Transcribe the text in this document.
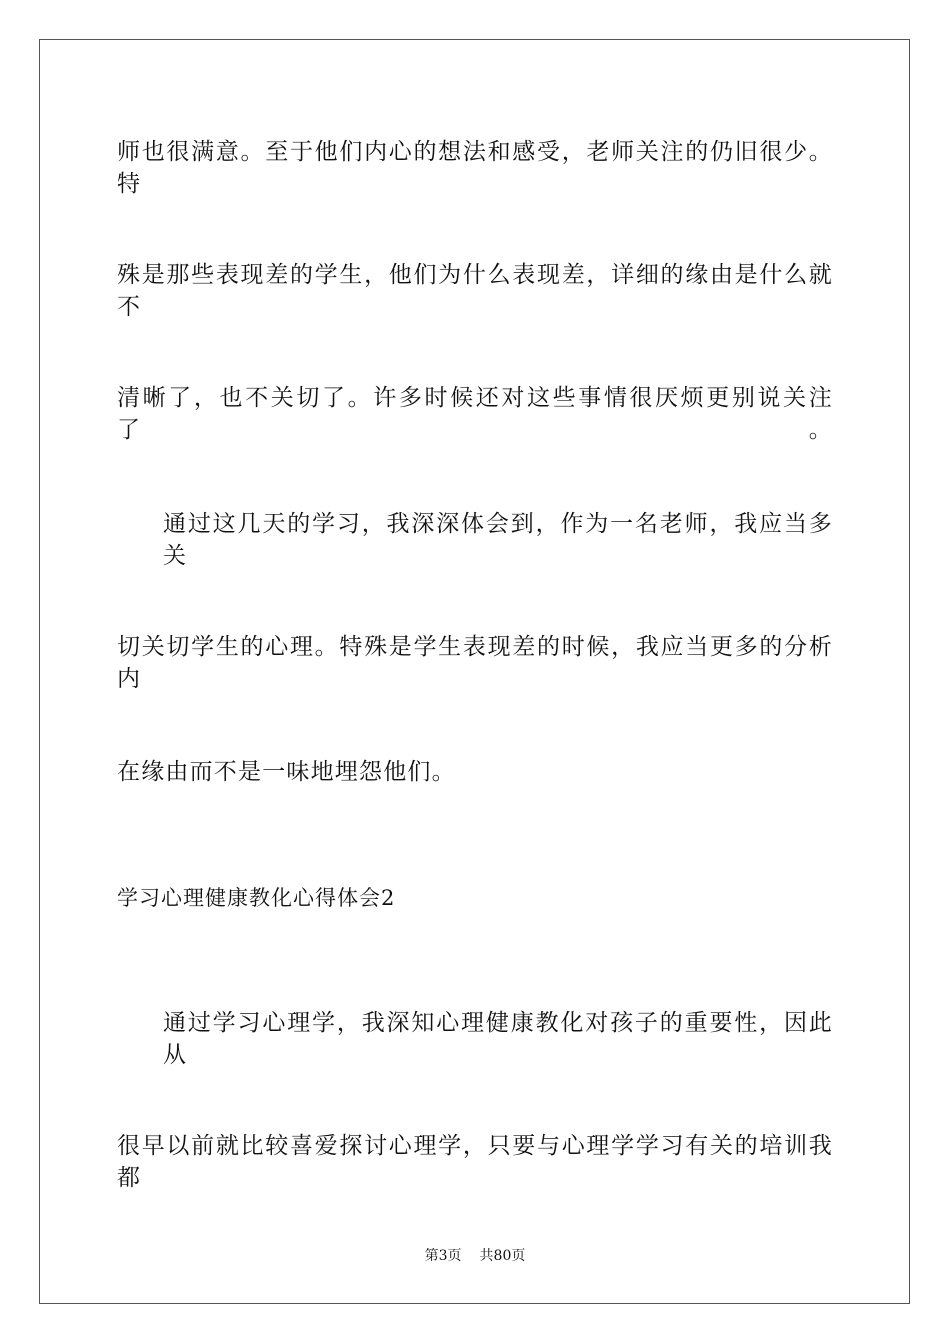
师也很满意。至于他们内心的想法和感受，老师关注的仍旧很少。特
殊是那些表现差的学生，他们为什么表现差，详细的缘由是什么就不
清晰了，也不关切了。许多时候还对这些事情很厌烦更别说关注了。
通过这几天的学习，我深深体会到，作为一名老师，我应当多关
切关切学生的心理。特殊是学生表现差的时候，我应当更多的分析内
在缘由而不是一味地埋怨他们。
学习心理健康教化心得体会2
通过学习心理学，我深知心理健康教化对孩子的重要性，因此从
很早以前就比较喜爱探讨心理学，只要与心理学学习有关的培训我都
第3页 共80页
